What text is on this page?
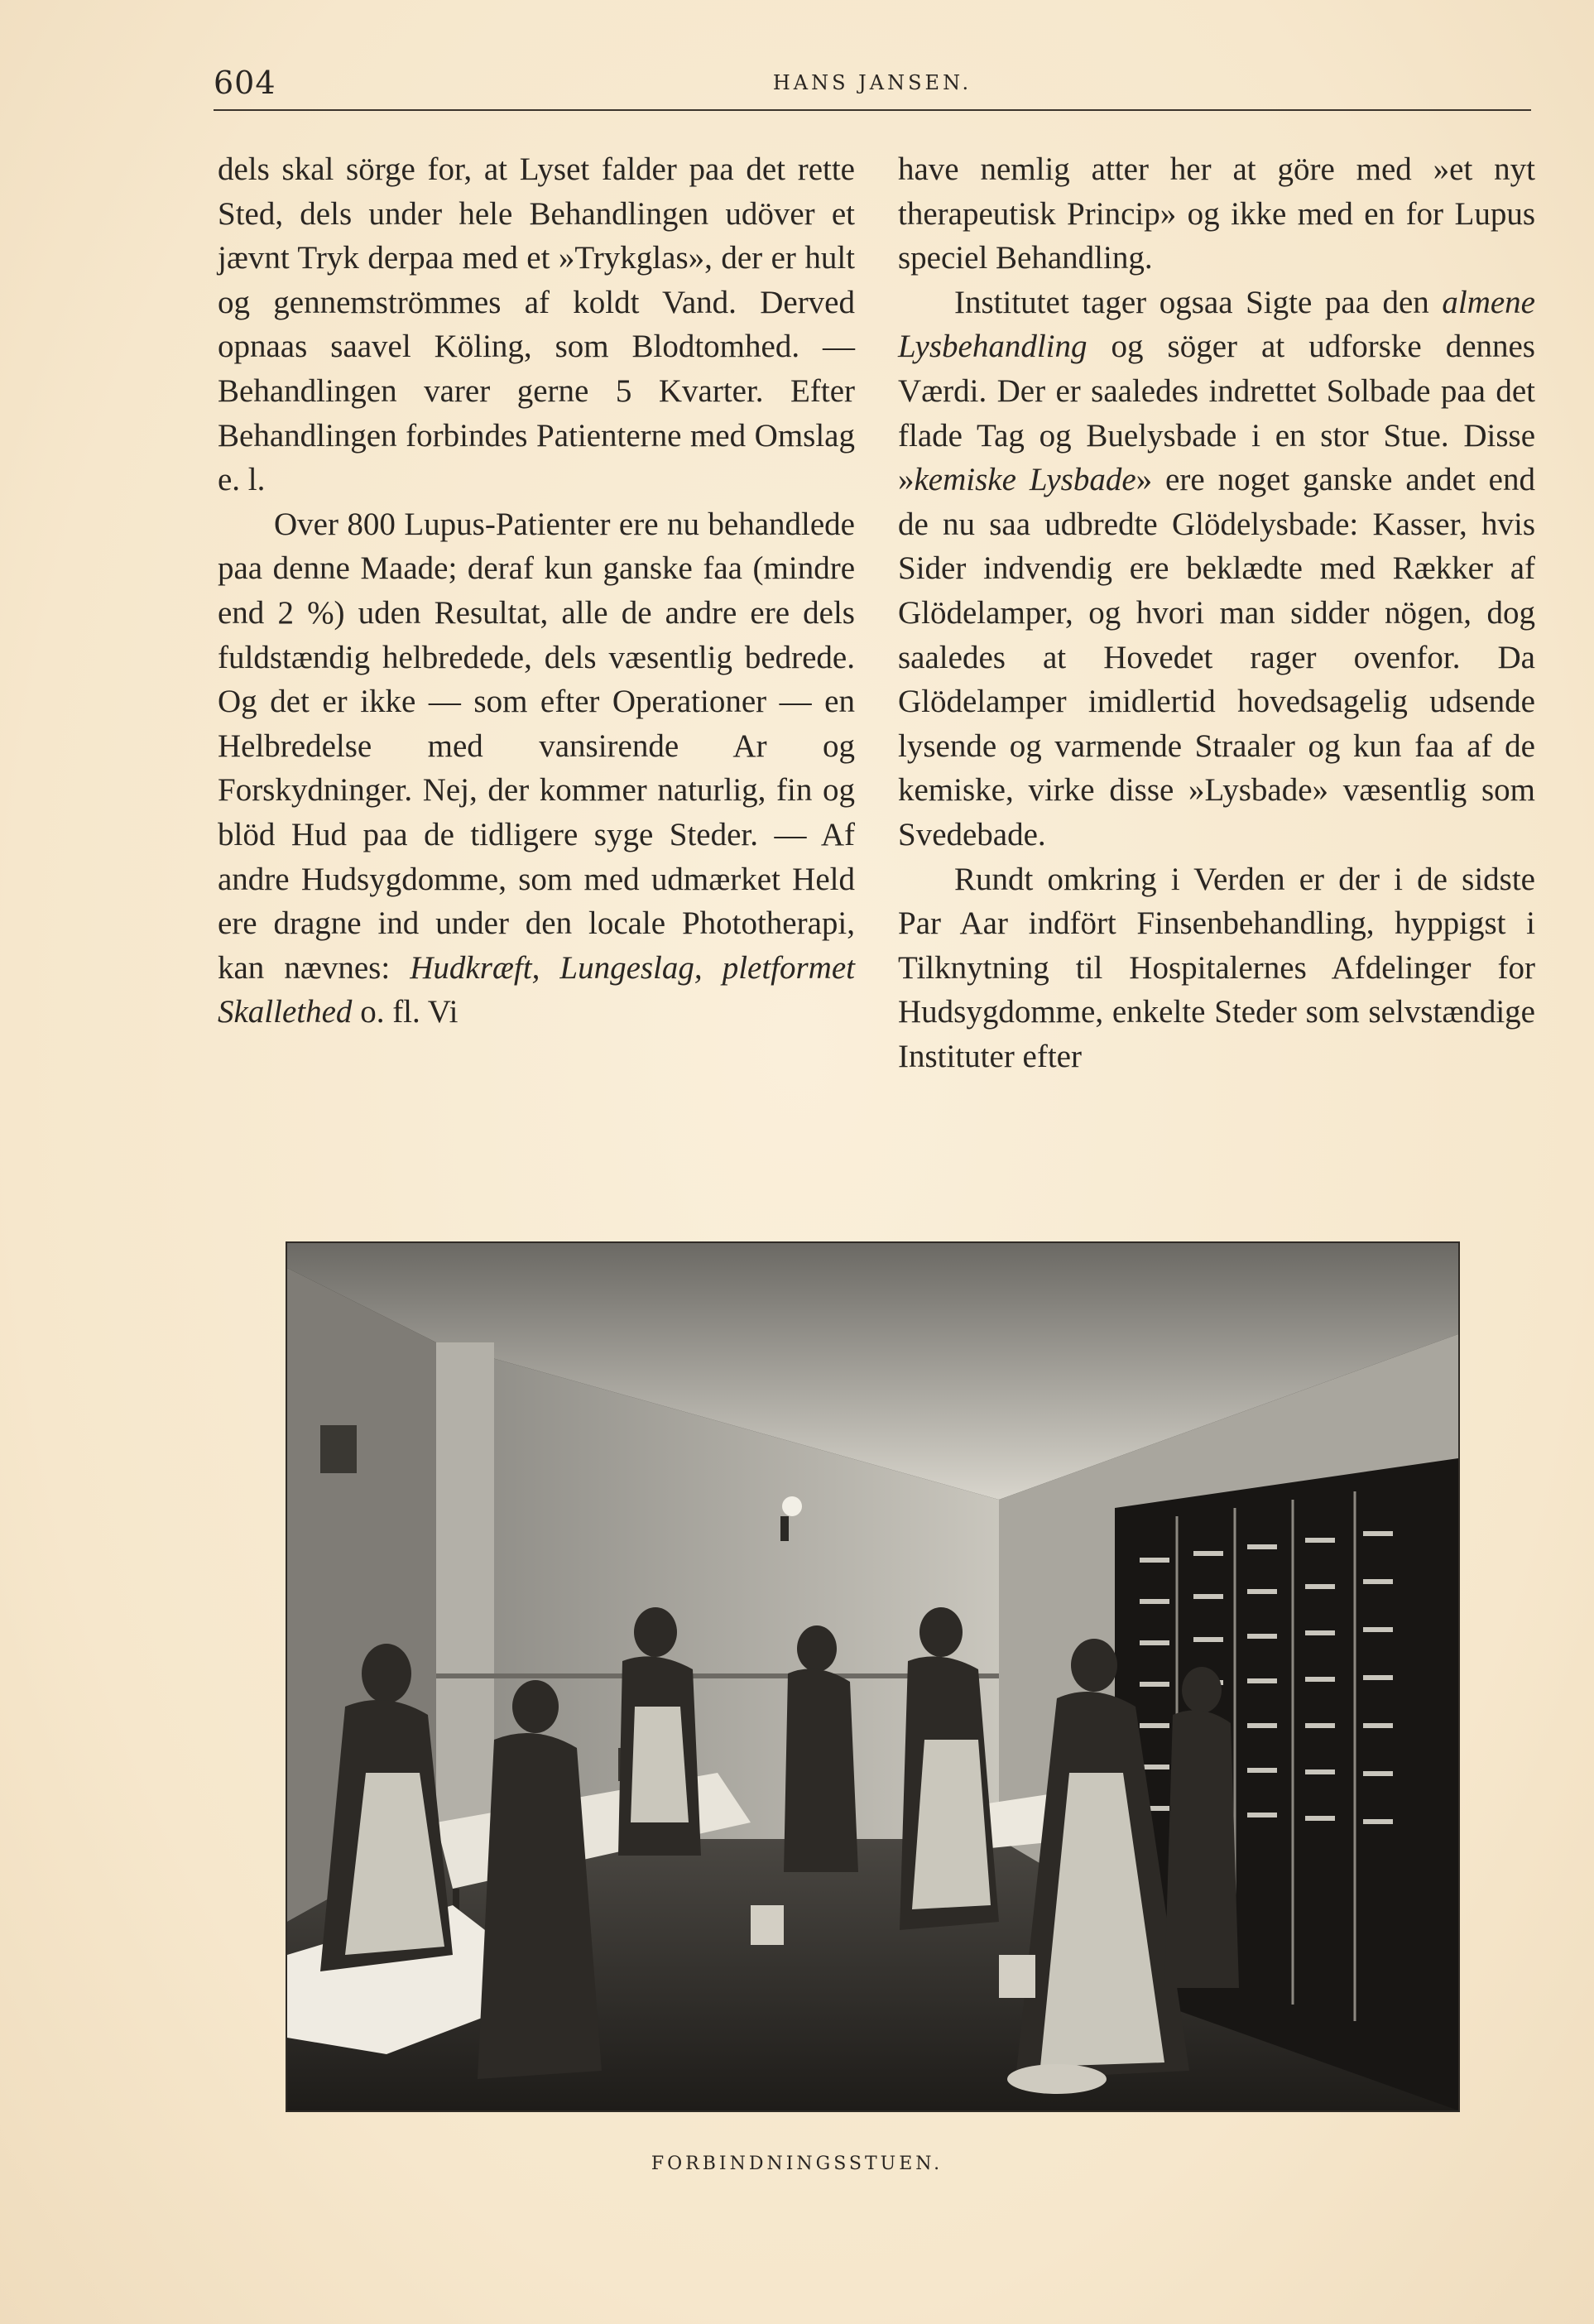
604	HANS JANSEN.

dels skal sörge for, at Lyset falder paa det rette Sted, dels under hele Behandlingen udöver et jævnt Tryk derpaa med et »Trykglas», der er hult og gennemströmmes af koldt Vand. Derved opnaas saavel Köling, som Blodtomhed. — Behandlingen varer gerne 5 Kvarter. Efter Behandlingen forbindes Patienterne med Omslag e. l.

Over 800 Lupus-Patienter ere nu behandlede paa denne Maade; deraf kun ganske faa (mindre end 2 %) uden Resultat, alle de andre ere dels fuldstændig helbredede, dels væsentlig bedrede. Og det er ikke — som efter Operationer — en Helbredelse med vansirende Ar og Forskydninger. Nej, der kommer naturlig, fin og blöd Hud paa de tidligere syge Steder. — Af andre Hudsygdomme, som med udmærket Held ere dragne ind under den locale Phototherapi, kan nævnes: Hudkræft, Lungeslag, pletformet Skallethed o. fl. Vi

have nemlig atter her at göre med »et nyt therapeutisk Princip» og ikke med en for Lupus speciel Behandling.

Institutet tager ogsaa Sigte paa den almene Lysbehandling og söger at udforske dennes Værdi. Der er saaledes indrettet Solbade paa det flade Tag og Buelysbade i en stor Stue. Disse »kemiske Lysbade» ere noget ganske andet end de nu saa udbredte Glödelysbade: Kasser, hvis Sider indvendig ere beklædte med Rækker af Glödelamper, og hvori man sidder nögen, dog saaledes at Hovedet rager ovenfor. Da Glödelamper imidlertid hovedsagelig udsende lysende og varmende Straaler og kun faa af de kemiske, virke disse »Lysbade» væsentlig som Svedebade.

Rundt omkring i Verden er der i de sidste Par Aar indfört Finsenbehandling, hyppigst i Tilknytning til Hospitalernes Afdelinger for Hudsygdomme, enkelte Steder som selvstændige Instituter efter

FORBINDNINGSSTUEN.
